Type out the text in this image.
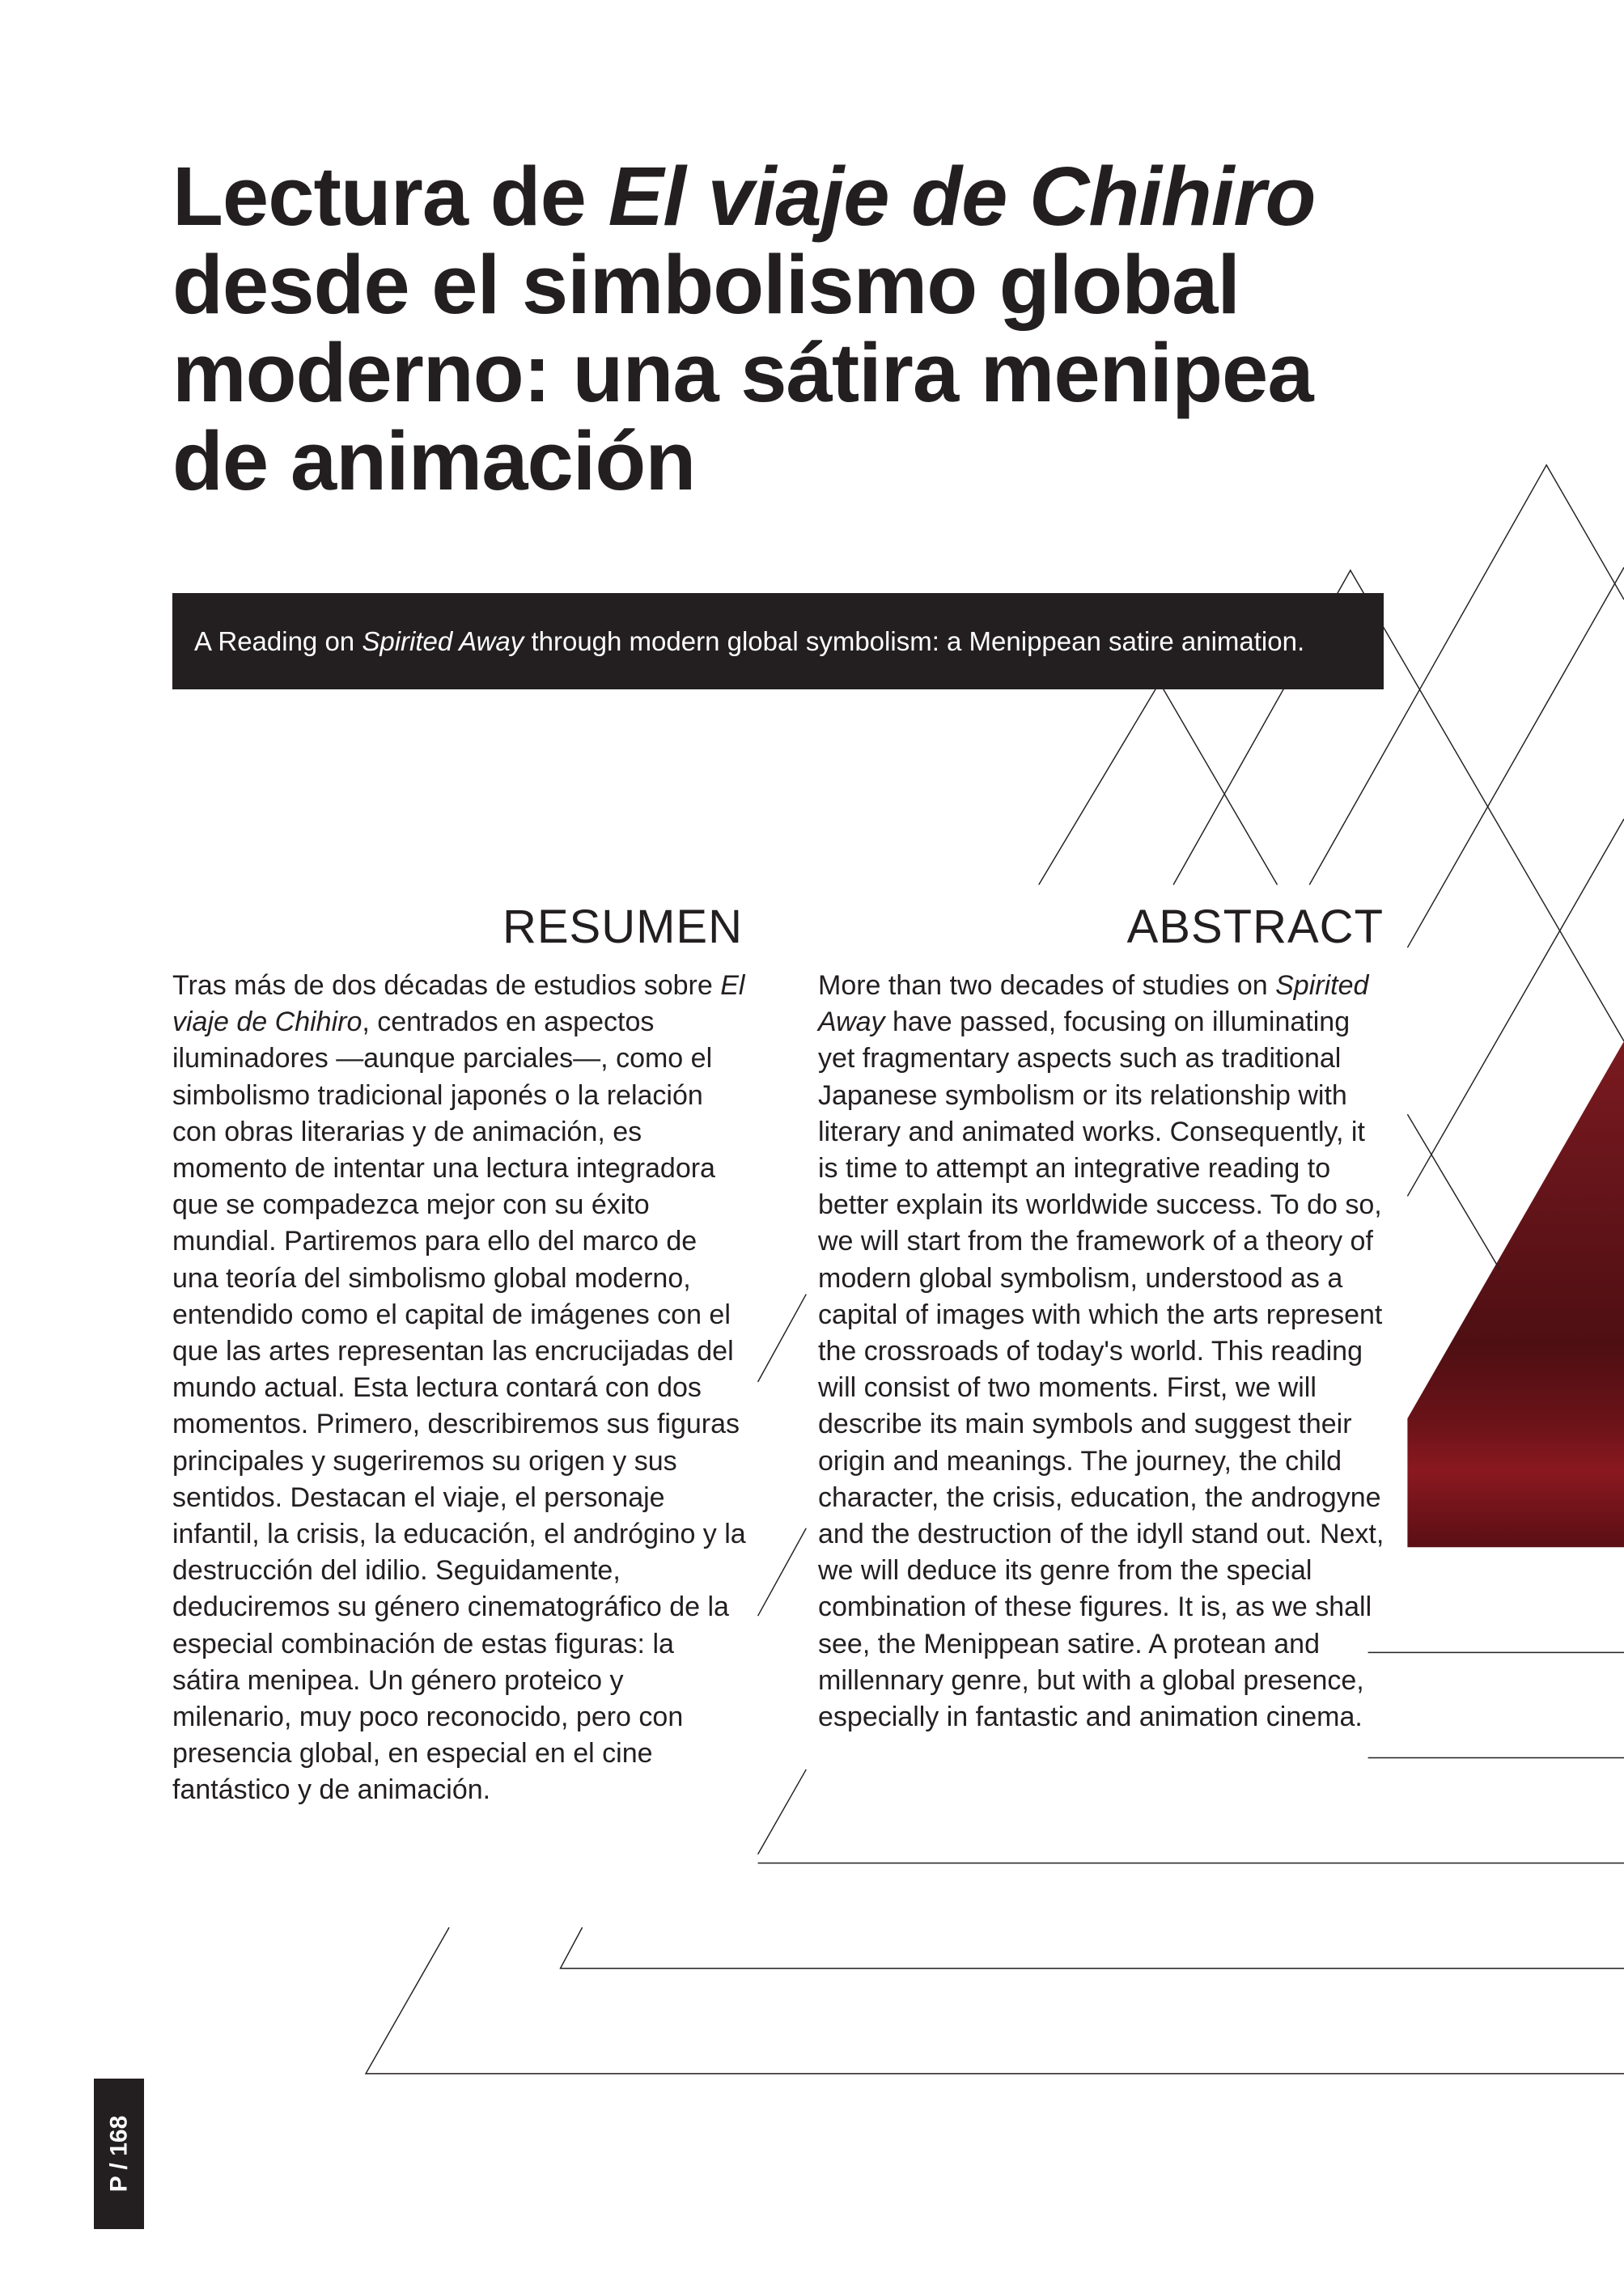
Lectura de El viaje de Chihiro desde el simbolismo global moderno: una sátira menipea de animación
A Reading on Spirited Away through modern global symbolism: a Menippean satire animation.
RESUMEN	ABSTRACT

Tras más de dos décadas de estudios sobre El viaje de Chihiro, centrados en aspectos iluminadores —aunque parciales—, como el simbolismo tradicional japonés o la relación con obras literarias y de animación, es momento de intentar una lectura integradora que se compadezca mejor con su éxito mundial. Partiremos para ello del marco de una teoría del simbolismo global moderno, entendido como el capital de imágenes con el que las artes representan las encrucijadas del mundo actual. Esta lectura contará con dos momentos. Primero, describiremos sus figuras principales y sugeriremos su origen y sus sentidos. Destacan el viaje, el personaje infantil, la crisis, la educación, el andrógino y la destrucción del idilio. Seguidamente, deduciremos su género cinematográfico de la especial combinación de estas figuras: la sátira menipea. Un género proteico y milenario, muy poco reconocido, pero con presencia global, en especial en el cine fantástico y de animación.

More than two decades of studies on Spirited Away have passed, focusing on illuminating yet fragmentary aspects such as traditional Japanese symbolism or its relationship with literary and animated works. Consequently, it is time to attempt an integrative reading to better explain its worldwide success. To do so, we will start from the framework of a theory of modern global symbolism, understood as a capital of images with which the arts represent the crossroads of today's world. This reading will consist of two moments. First, we will describe its main symbols and suggest their origin and meanings. The journey, the child character, the crisis, education, the androgyne and the destruction of the idyll stand out. Next, we will deduce its genre from the special combination of these figures. It is, as we shall see, the Menippean satire. A protean and millennary genre, but with a global presence, especially in fantastic and animation cinema.

P / 168
